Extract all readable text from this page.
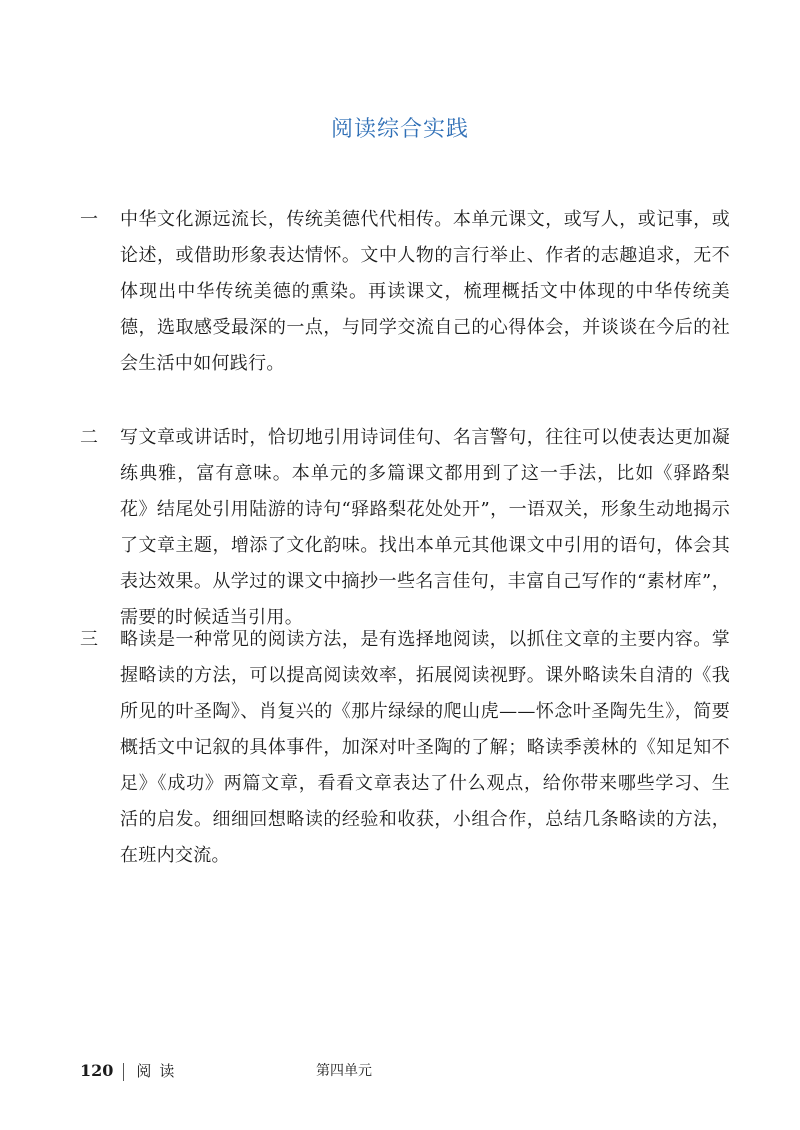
阅读综合实践
一	中华文化源远流长，传统美德代代相传。本单元课文，或写人，或记事，或论述，或借助形象表达情怀。文中人物的言行举止、作者的志趣追求，无不体现出中华传统美德的熏染。再读课文，梳理概括文中体现的中华传统美德，选取感受最深的一点，与同学交流自己的心得体会，并谈谈在今后的社会生活中如何践行。
二	写文章或讲话时，恰切地引用诗词佳句、名言警句，往往可以使表达更加凝练典雅，富有意味。本单元的多篇课文都用到了这一手法，比如《驿路梨花》结尾处引用陆游的诗句“驿路梨花处处开”，一语双关，形象生动地揭示了文章主题，增添了文化韵味。找出本单元其他课文中引用的语句，体会其表达效果。从学过的课文中摘抄一些名言佳句，丰富自己写作的“素材库”，需要的时候适当引用。
三	略读是一种常见的阅读方法，是有选择地阅读，以抓住文章的主要内容。掌握略读的方法，可以提高阅读效率，拓展阅读视野。课外略读朱自清的《我所见的叶圣陶》、肖复兴的《那片绿绿的爬山虎——怀念叶圣陶先生》，简要概括文中记叙的具体事件，加深对叶圣陶的了解；略读季羡林的《知足知不足》《成功》两篇文章，看看文章表达了什么观点，给你带来哪些学习、生活的启发。细细回想略读的经验和收获，小组合作，总结几条略读的方法，在班内交流。
120 阅读	第四单元
